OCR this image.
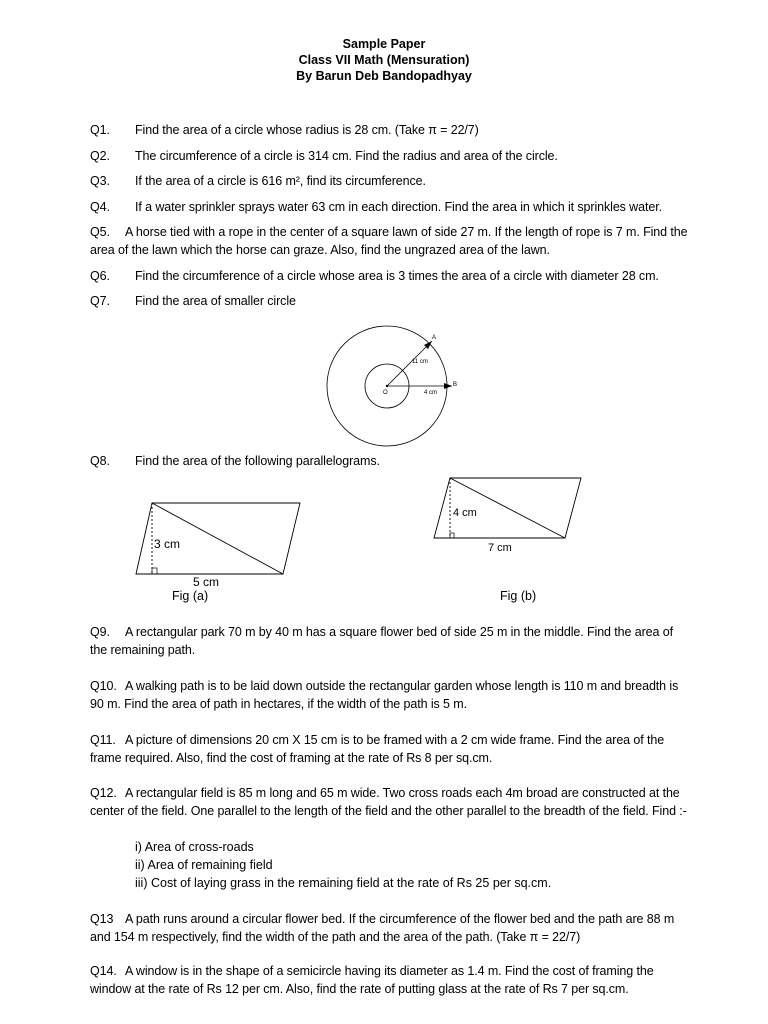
Sample Paper
Class VII Math (Mensuration)
By Barun Deb Bandopadhyay
Q1. Find the area of a circle whose radius is 28 cm. (Take π = 22/7)
Q2. The circumference of a circle is 314 cm. Find the radius and area of the circle.
Q3. If the area of a circle is 616 m², find its circumference.
Q4. If a water sprinkler sprays water 63 cm in each direction. Find the area in which it sprinkles water.
Q5. A horse tied with a rope in the center of a square lawn of side 27 m. If the length of rope is 7 m. Find the area of the lawn which the horse can graze. Also, find the ungrazed area of the lawn.
Q6. Find the circumference of a circle whose area is 3 times the area of a circle with diameter 28 cm.
Q7. Find the area of smaller circle
A
B
O
11 cm
4 cm
Q8. Find the area of the following parallelograms.
3 cm
5 cm
4 cm
7 cm
Fig (a)	Fig (b)
Q9. A rectangular park 70 m by 40 m has a square flower bed of side 25 m in the middle. Find the area of the remaining path.
Q10. A walking path is to be laid down outside the rectangular garden whose length is 110 m and breadth is 90 m. Find the area of path in hectares, if the width of the path is 5 m.
Q11. A picture of dimensions 20 cm X 15 cm is to be framed with a 2 cm wide frame. Find the area of the frame required. Also, find the cost of framing at the rate of Rs 8 per sq.cm.
Q12. A rectangular field is 85 m long and 65 m wide. Two cross roads each 4m broad are constructed at the center of the field. One parallel to the length of the field and the other parallel to the breadth of the field. Find :-
i) Area of cross-roads
ii) Area of remaining field
iii) Cost of laying grass in the remaining field at the rate of Rs 25 per sq.cm.
Q13 A path runs around a circular flower bed. If the circumference of the flower bed and the path are 88 m and 154 m respectively, find the width of the path and the area of the path. (Take π = 22/7)
Q14. A window is in the shape of a semicircle having its diameter as 1.4 m. Find the cost of framing the window at the rate of Rs 12 per cm. Also, find the rate of putting glass at the rate of Rs 7 per sq.cm.
